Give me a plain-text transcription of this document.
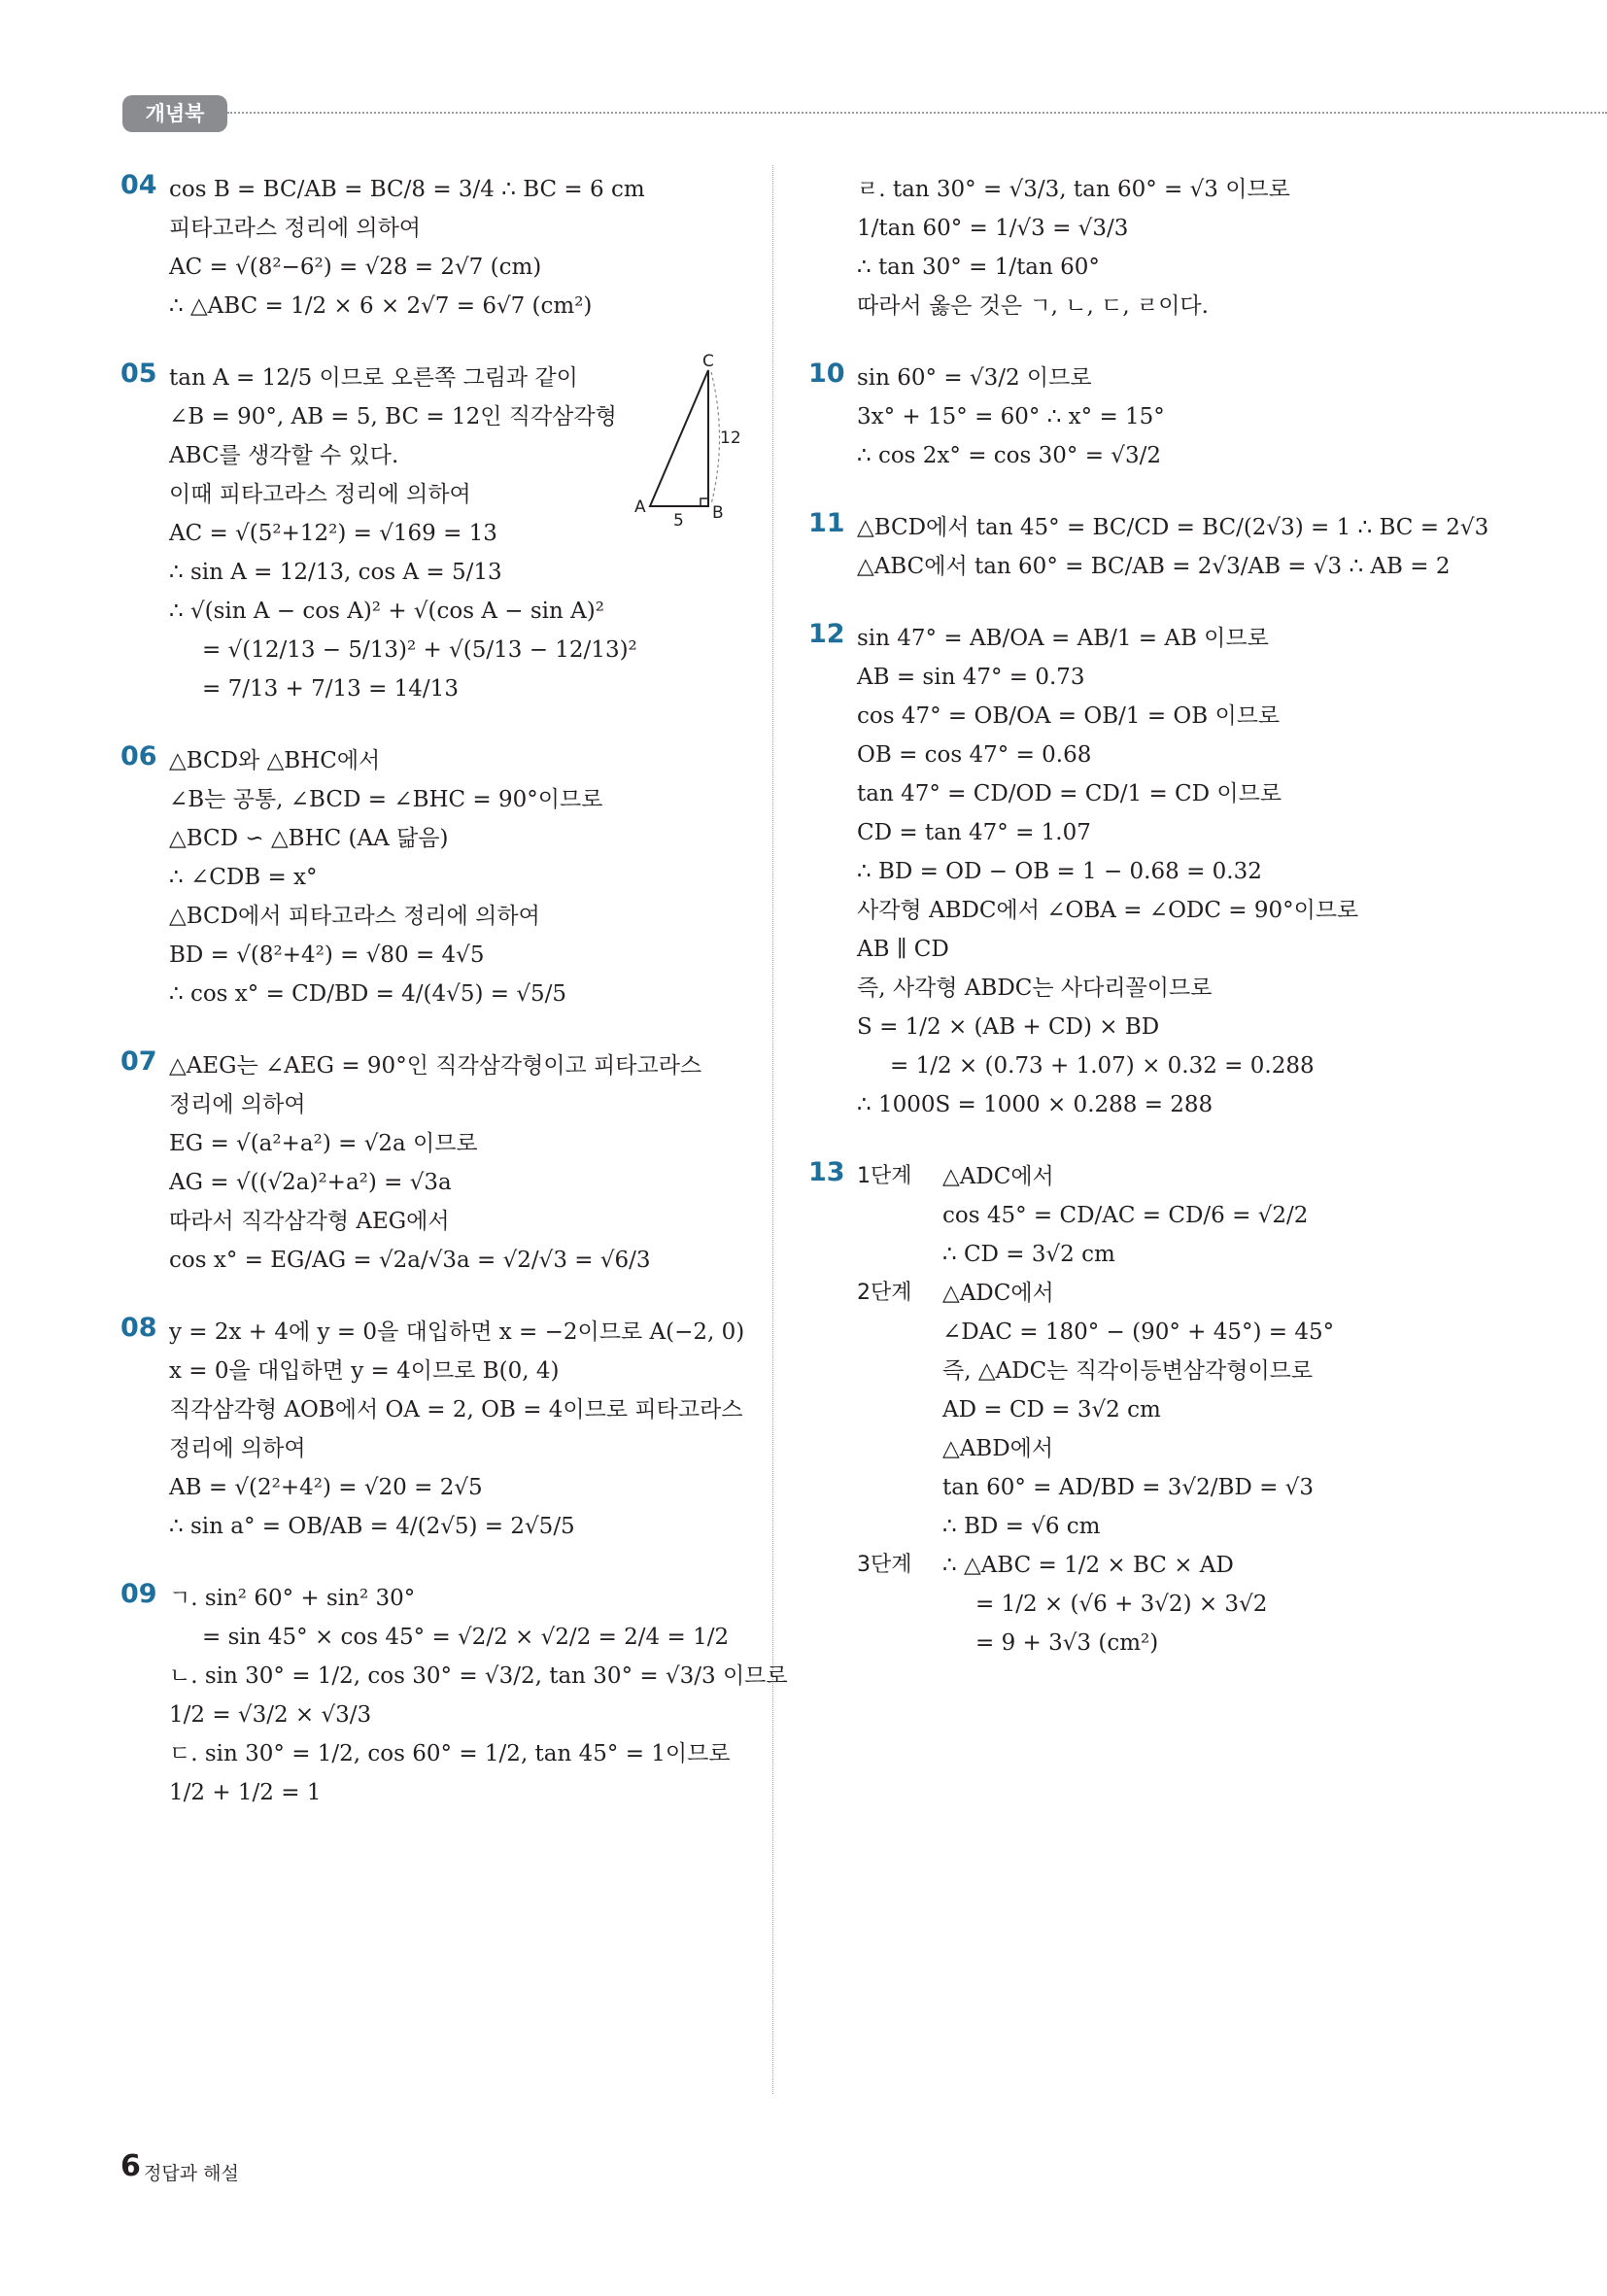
개념북
04 cos B = BC/AB = BC/8 = 3/4 ∴ BC = 6 cm
피타고라스 정리에 의하여
AC = √(8²−6²) = √28 = 2√7 (cm)
∴ △ABC = 1/2 × 6 × 2√7 = 6√7 (cm²)
05 tan A = 12/5 이므로 오른쪽 그림과 같이
∠B = 90°, AB = 5, BC = 12인 직각삼각형
ABC를 생각할 수 있다.
이때 피타고라스 정리에 의하여
AC = √(5²+12²) = √169 = 13
∴ sin A = 12/13, cos A = 5/13
∴ √(sin A − cos A)² + √(cos A − sin A)²
= √(12/13 − 5/13)² + √(5/13 − 12/13)²
= 7/13 + 7/13 = 14/13
A	B
C
5
12
06 △BCD와 △BHC에서
∠B는 공통, ∠BCD = ∠BHC = 90°이므로
△BCD ∽ △BHC (AA 닮음)
∴ ∠CDB = x°
△BCD에서 피타고라스 정리에 의하여
BD = √(8²+4²) = √80 = 4√5
∴ cos x° = CD/BD = 4/(4√5) = √5/5
07 △AEG는 ∠AEG = 90°인 직각삼각형이고 피타고라스
정리에 의하여
EG = √(a²+a²) = √2a 이므로
AG = √((√2a)²+a²) = √3a
따라서 직각삼각형 AEG에서
cos x° = EG/AG = √2a/√3a = √2/√3 = √6/3
08 y = 2x + 4에 y = 0을 대입하면 x = −2이므로 A(−2, 0)
x = 0을 대입하면 y = 4이므로 B(0, 4)
직각삼각형 AOB에서 OA = 2, OB = 4이므로 피타고라스
정리에 의하여
AB = √(2²+4²) = √20 = 2√5
∴ sin a° = OB/AB = 4/(2√5) = 2√5/5
09 ㄱ. sin² 60° + sin² 30°
= sin 45° × cos 45° = √2/2 × √2/2 = 2/4 = 1/2
ㄴ. sin 30° = 1/2, cos 30° = √3/2, tan 30° = √3/3 이므로
1/2 = √3/2 × √3/3
ㄷ. sin 30° = 1/2, cos 60° = 1/2, tan 45° = 1이므로
1/2 + 1/2 = 1
ㄹ. tan 30° = √3/3, tan 60° = √3 이므로
1/tan 60° = 1/√3 = √3/3
∴ tan 30° = 1/tan 60°
따라서 옳은 것은 ㄱ, ㄴ, ㄷ, ㄹ이다.
10 sin 60° = √3/2 이므로
3x° + 15° = 60° ∴ x° = 15°
∴ cos 2x° = cos 30° = √3/2
11 △BCD에서 tan 45° = BC/CD = BC/(2√3) = 1 ∴ BC = 2√3
△ABC에서 tan 60° = BC/AB = 2√3/AB = √3 ∴ AB = 2
12 sin 47° = AB/OA = AB/1 = AB 이므로
AB = sin 47° = 0.73
cos 47° = OB/OA = OB/1 = OB 이므로
OB = cos 47° = 0.68
tan 47° = CD/OD = CD/1 = CD 이므로
CD = tan 47° = 1.07
∴ BD = OD − OB = 1 − 0.68 = 0.32
사각형 ABDC에서 ∠OBA = ∠ODC = 90°이므로
AB ∥ CD
즉, 사각형 ABDC는 사다리꼴이므로
S = 1/2 × (AB + CD) × BD
= 1/2 × (0.73 + 1.07) × 0.32 = 0.288
∴ 1000S = 1000 × 0.288 = 288
13 1단계	△ADC에서
cos 45° = CD/AC = CD/6 = √2/2
∴ CD = 3√2 cm
2단계	△ADC에서
∠DAC = 180° − (90° + 45°) = 45°
즉, △ADC는 직각이등변삼각형이므로
AD = CD = 3√2 cm
△ABD에서
tan 60° = AD/BD = 3√2/BD = √3
∴ BD = √6 cm
3단계	∴ △ABC = 1/2 × BC × AD
= 1/2 × (√6 + 3√2) × 3√2
= 9 + 3√3 (cm²)
6 정답과 해설
